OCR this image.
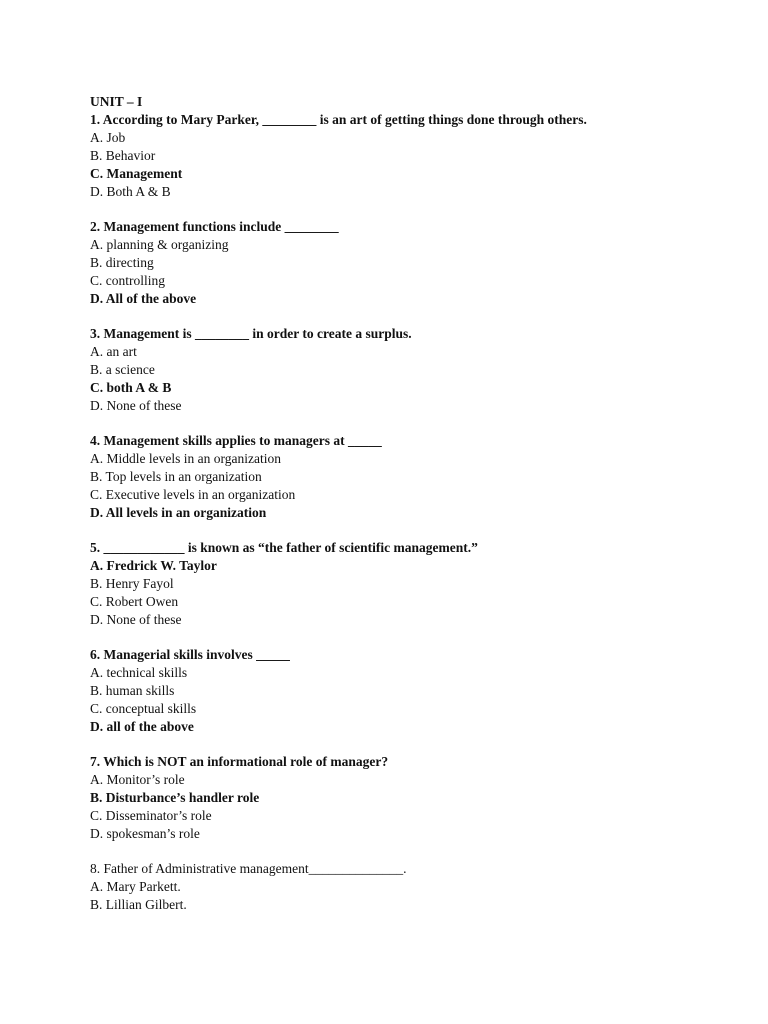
UNIT – I
1. According to Mary Parker, ________ is an art of getting things done through others.
A. Job
B. Behavior
C. Management
D. Both A & B
2. Management functions include ________
A. planning & organizing
B. directing
C. controlling
D. All of the above
3. Management is ________ in order to create a surplus.
A. an art
B. a science
C. both A & B
D. None of these
4. Management skills applies to managers at _____
A. Middle levels in an organization
B. Top levels in an organization
C. Executive levels in an organization
D. All levels in an organization
5. ____________ is known as “the father of scientific management.”
A. Fredrick W. Taylor
B. Henry Fayol
C. Robert Owen
D. None of these
6. Managerial skills involves _____
A. technical skills
B. human skills
C. conceptual skills
D. all of the above
7. Which is NOT an informational role of manager?
A. Monitor’s role
B. Disturbance’s handler role
C. Disseminator’s role
D. spokesman’s role
8. Father of Administrative management______________.
A. Mary Parkett.
B. Lillian Gilbert.
